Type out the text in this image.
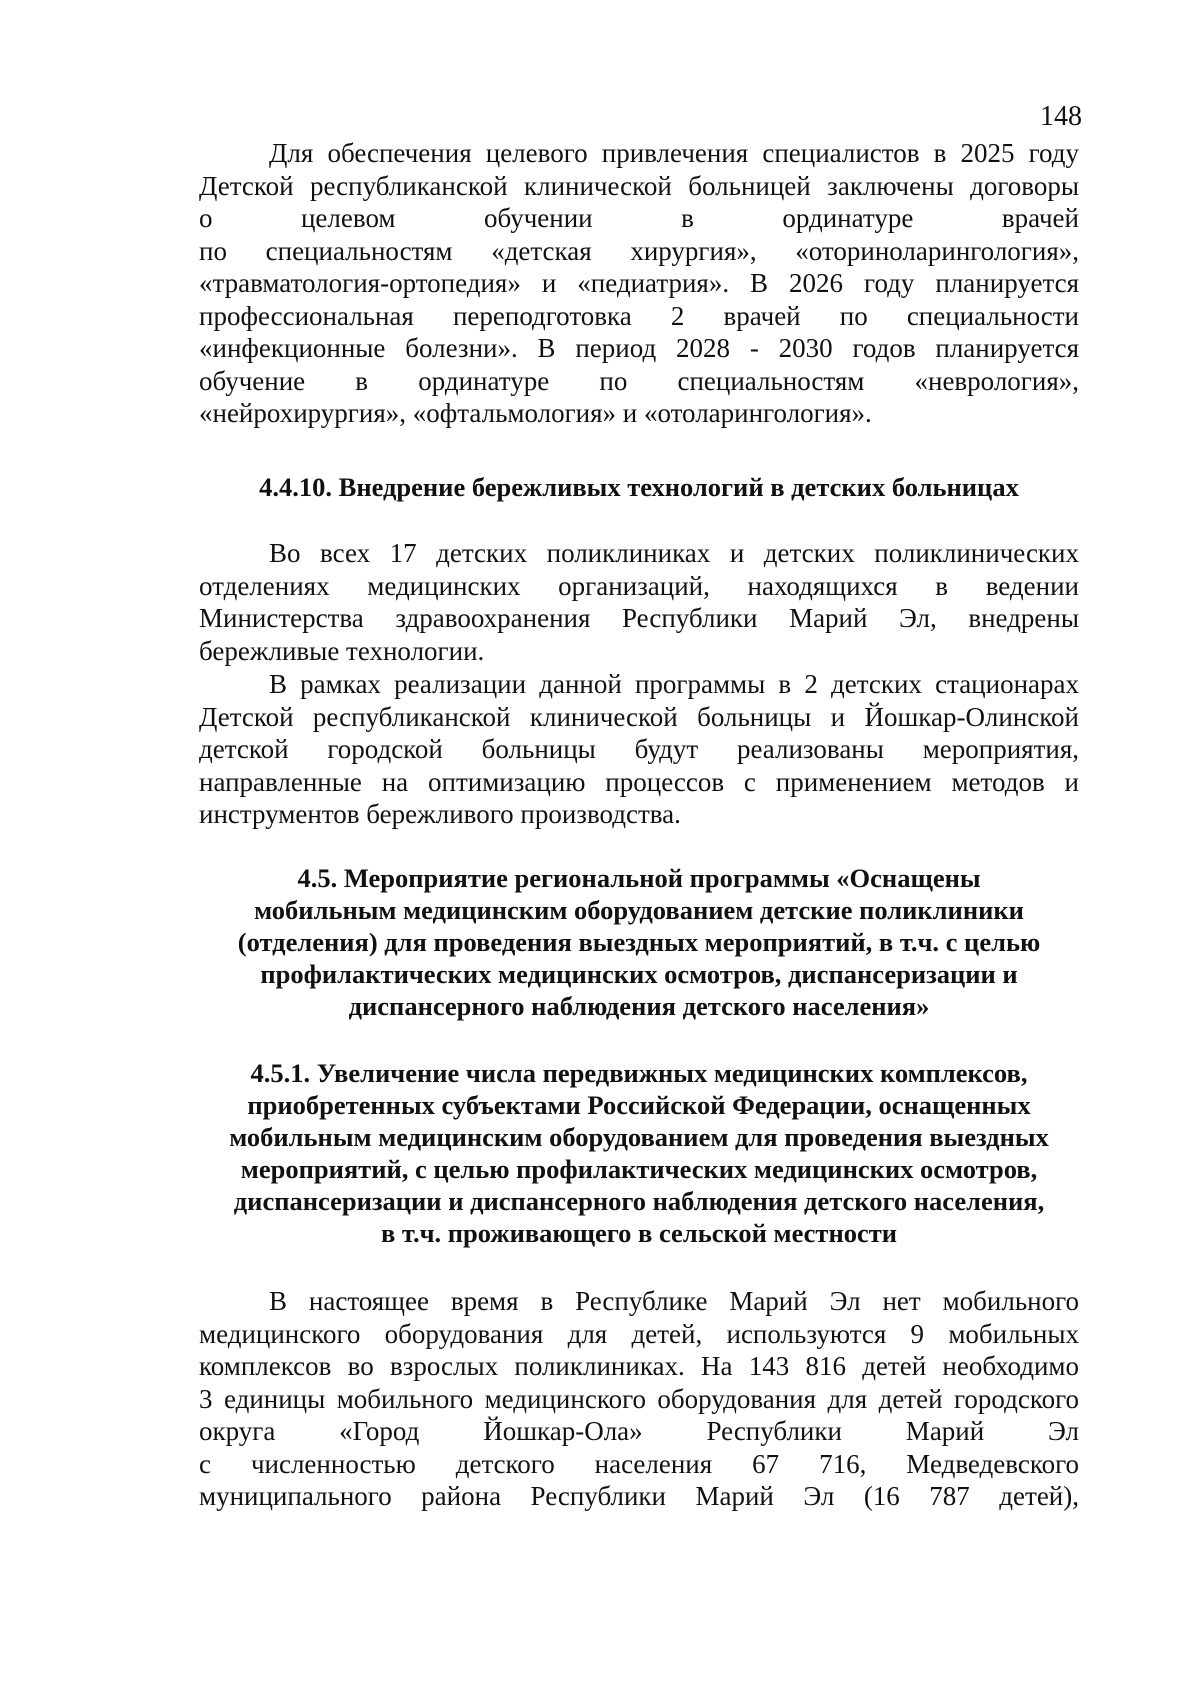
148
Для обеспечения целевого привлечения специалистов в 2025 году
Детской республиканской клинической больницей заключены договоры
о целевом обучении в ординатуре врачей
по специальностям «детская хирургия», «оториноларингология»,
«травматология-ортопедия» и «педиатрия». В 2026 году планируется
профессиональная переподготовка 2 врачей по специальности
«инфекционные болезни». В период 2028 - 2030 годов планируется
обучение в ординатуре по специальностям «неврология»,
«нейрохирургия», «офтальмология» и «отоларингология».
4.4.10. Внедрение бережливых технологий в детских больницах
Во всех 17 детских поликлиниках и детских поликлинических
отделениях медицинских организаций, находящихся в ведении
Министерства здравоохранения Республики Марий Эл, внедрены
бережливые технологии.
В рамках реализации данной программы в 2 детских стационарах
Детской республиканской клинической больницы и Йошкар-Олинской
детской городской больницы будут реализованы мероприятия,
направленные на оптимизацию процессов с применением методов и
инструментов бережливого производства.
4.5. Мероприятие региональной программы «Оснащены
мобильным медицинским оборудованием детские поликлиники
(отделения) для проведения выездных мероприятий, в т.ч. с целью
профилактических медицинских осмотров, диспансеризации и
диспансерного наблюдения детского населения»
4.5.1. Увеличение числа передвижных медицинских комплексов,
приобретенных субъектами Российской Федерации, оснащенных
мобильным медицинским оборудованием для проведения выездных
мероприятий, с целью профилактических медицинских осмотров,
диспансеризации и диспансерного наблюдения детского населения,
в т.ч. проживающего в сельской местности
В настоящее время в Республике Марий Эл нет мобильного
медицинского оборудования для детей, используются 9 мобильных
комплексов во взрослых поликлиниках. На 143 816 детей необходимо
3 единицы мобильного медицинского оборудования для детей городского
округа «Город Йошкар-Ола» Республики Марий Эл
с численностью детского населения 67 716, Медведевского
муниципального района Республики Марий Эл (16 787 детей),
